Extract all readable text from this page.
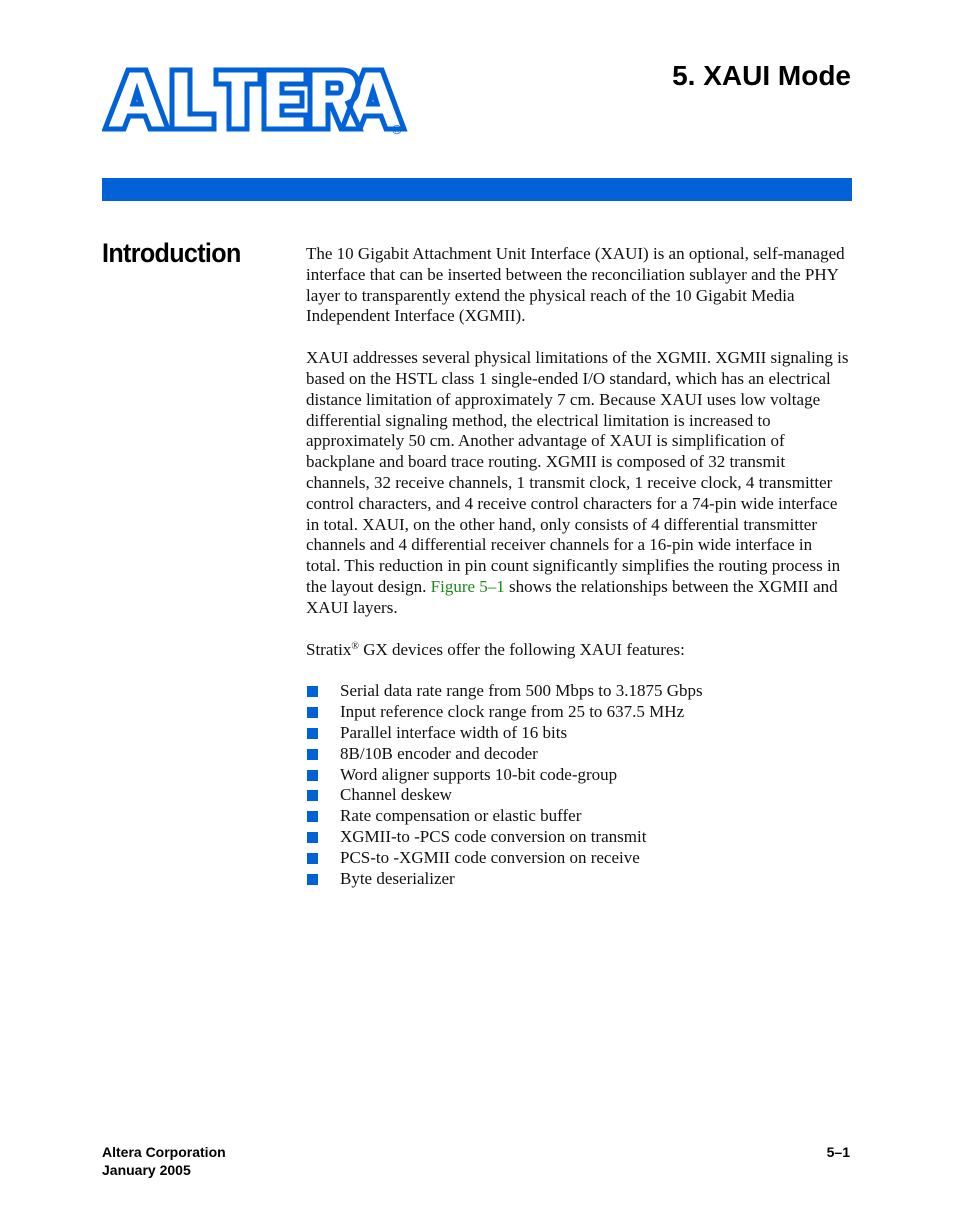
®
5. XAUI Mode
Introduction	The 10 Gigabit Attachment Unit Interface (XAUI) is an optional, self-managed interface that can be inserted between the reconciliation sublayer and the PHY layer to transparently extend the physical reach of the 10 Gigabit Media Independent Interface (XGMII).

XAUI addresses several physical limitations of the XGMII. XGMII signaling is based on the HSTL class 1 single-ended I/O standard, which has an electrical distance limitation of approximately 7 cm. Because XAUI uses low voltage differential signaling method, the electrical limitation is increased to approximately 50 cm. Another advantage of XAUI is simplification of backplane and board trace routing. XGMII is composed of 32 transmit channels, 32 receive channels, 1 transmit clock, 1 receive clock, 4 transmitter control characters, and 4 receive control characters for a 74-pin wide interface in total. XAUI, on the other hand, only consists of 4 differential transmitter channels and 4 differential receiver channels for a 16-pin wide interface in total. This reduction in pin count significantly simplifies the routing process in the layout design. Figure 5–1 shows the relationships between the XGMII and XAUI layers.

Stratix® GX devices offer the following XAUI features:

Serial data rate range from 500 Mbps to 3.1875 Gbps
Input reference clock range from 25 to 637.5 MHz
Parallel interface width of 16 bits
8B/10B encoder and decoder
Word aligner supports 10-bit code-group
Channel deskew
Rate compensation or elastic buffer
XGMII-to -PCS code conversion on transmit
PCS-to -XGMII code conversion on receive
Byte deserializer
Altera Corporation
January 2005
5–1
